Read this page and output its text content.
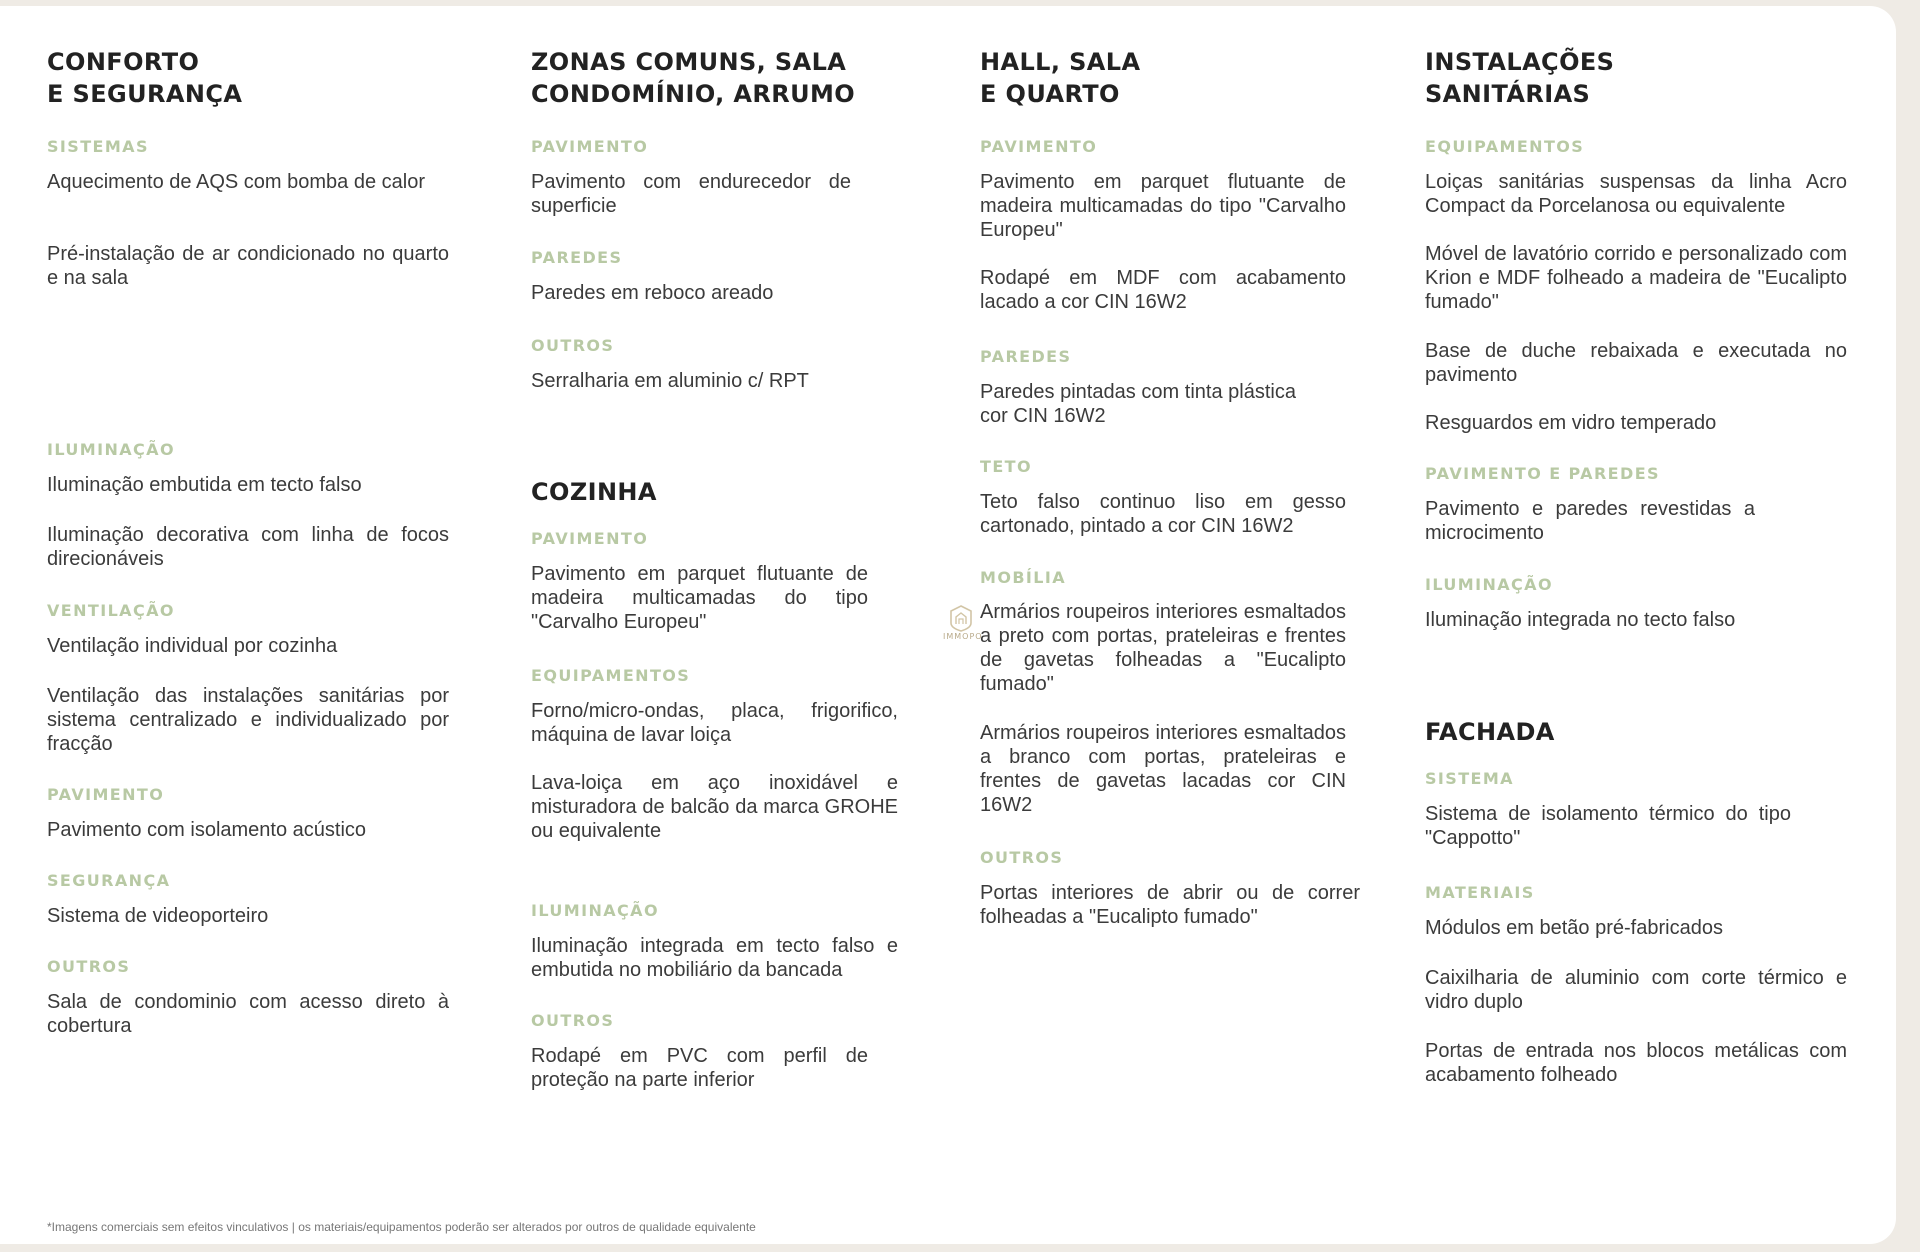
CONFORTO
E SEGURANÇA
SISTEMAS
Aquecimento de AQS com bomba de calor
Pré-instalação de ar condicionado no quarto e na sala
ILUMINAÇÃO
Iluminação embutida em tecto falso
Iluminação decorativa com linha de focos direcionáveis
VENTILAÇÃO
Ventilação individual por cozinha
Ventilação das instalações sanitárias por sistema centralizado e individualizado por fracção
PAVIMENTO
Pavimento com isolamento acústico
SEGURANÇA
Sistema de videoporteiro
OUTROS
Sala de condominio com acesso direto à cobertura
ZONAS COMUNS, SALA
CONDOMÍNIO, ARRUMO
PAVIMENTO
Pavimento com endurecedor de superficie
PAREDES
Paredes em reboco areado
OUTROS
Serralharia em aluminio c/ RPT
COZINHA
PAVIMENTO
Pavimento em parquet flutuante de madeira multicamadas do tipo "Carvalho Europeu"
EQUIPAMENTOS
Forno/micro-ondas, placa, frigorifico, máquina de lavar loiça
Lava-loiça em aço inoxidável e misturadora de balcão da marca GROHE ou equivalente
ILUMINAÇÃO
Iluminação integrada em tecto falso e embutida no mobiliário da bancada
OUTROS
Rodapé em PVC com perfil de proteção na parte inferior
HALL, SALA
E QUARTO
PAVIMENTO
Pavimento em parquet flutuante de madeira multicamadas do tipo "Carvalho Europeu"
Rodapé em MDF com acabamento lacado a cor CIN 16W2
PAREDES
Paredes pintadas com tinta plástica cor CIN 16W2
TETO
Teto falso continuo liso em gesso cartonado, pintado a cor CIN 16W2
MOBÍLIA
Armários roupeiros interiores esmaltados a preto com portas, prateleiras e frentes de gavetas folheadas a "Eucalipto fumado"
Armários roupeiros interiores esmaltados a branco com portas, prateleiras e frentes de gavetas lacadas cor CIN 16W2
OUTROS
Portas interiores de abrir ou de correr folheadas a "Eucalipto fumado"
INSTALAÇÕES
SANITÁRIAS
EQUIPAMENTOS
Loiças sanitárias suspensas da linha Acro Compact da Porcelanosa ou equivalente
Móvel de lavatório corrido e personalizado com Krion e MDF folheado a madeira de "Eucalipto fumado"
Base de duche rebaixada e executada no pavimento
Resguardos em vidro temperado
PAVIMENTO E PAREDES
Pavimento e paredes revestidas a microcimento
ILUMINAÇÃO
Iluminação integrada no tecto falso
FACHADA
SISTEMA
Sistema de isolamento térmico do tipo "Cappotto"
MATERIAIS
Módulos em betão pré-fabricados
Caixilharia de aluminio com corte térmico e vidro duplo
Portas de entrada nos blocos metálicas com acabamento folheado
IMMOPO
*Imagens comerciais sem efeitos vinculativos | os materiais/equipamentos poderão ser alterados por outros de qualidade equivalente
